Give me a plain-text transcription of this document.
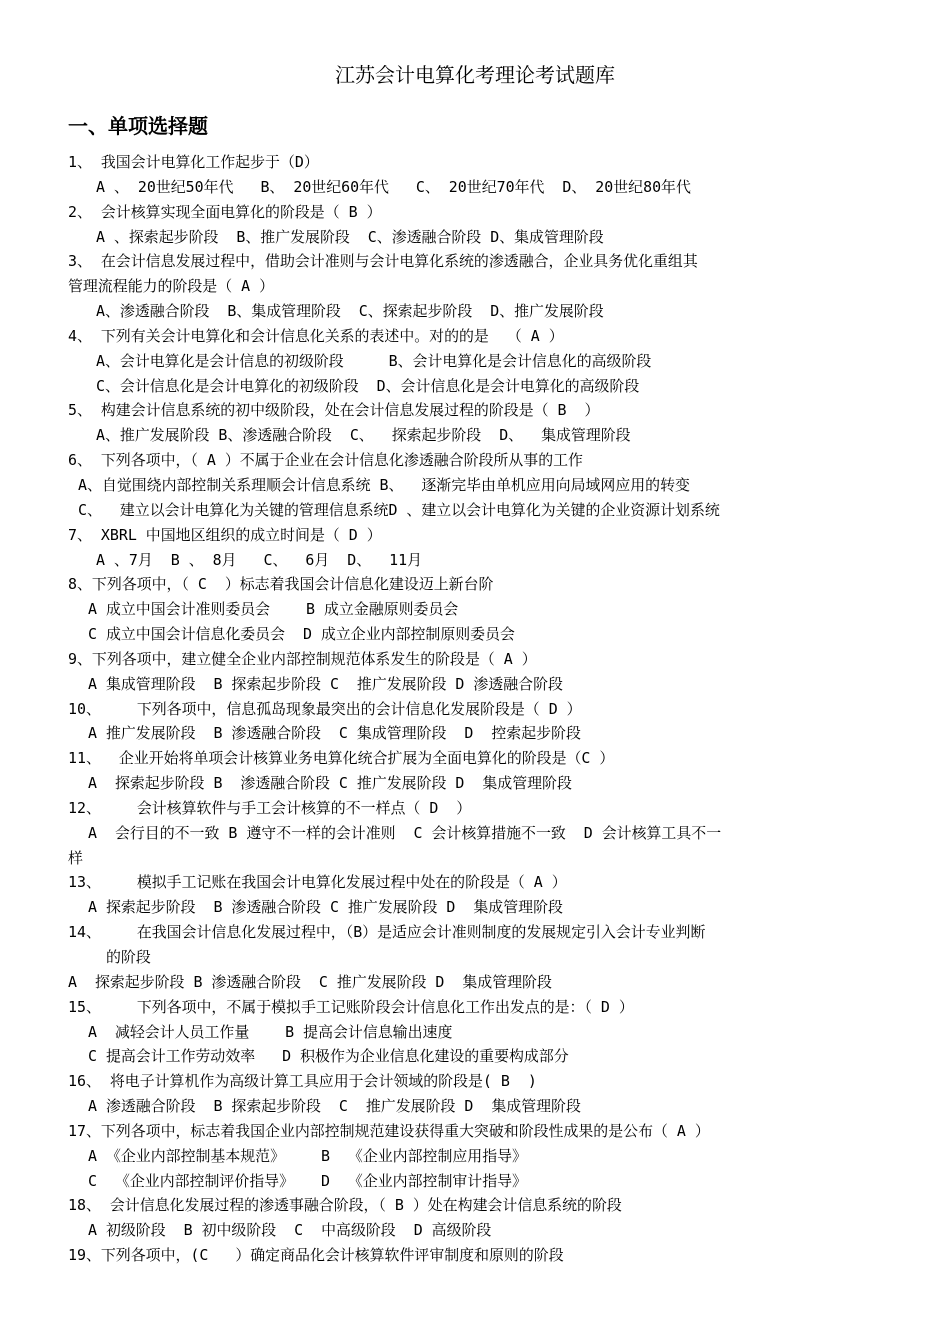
江苏会计电算化考理论考试题库
一、单项选择题
1、 我国会计电算化工作起步于（D）
A 、 20世纪50年代   B、 20世纪60年代   C、 20世纪70年代  D、 20世纪80年代
2、 会计核算实现全面电算化的阶段是（ B ）
A 、探索起步阶段  B、推广发展阶段  C、渗透融合阶段 D、集成管理阶段
3、 在会计信息发展过程中，借助会计准则与会计电算化系统的渗透融合，企业具务优化重组其
管理流程能力的阶段是（ A ）
A、渗透融合阶段  B、集成管理阶段  C、探索起步阶段  D、推广发展阶段
4、 下列有关会计电算化和会计信息化关系的表述中。对的的是  （ A ）
A、会计电算化是会计信息的初级阶段     B、会计电算化是会计信息化的高级阶段
C、会计信息化是会计电算化的初级阶段  D、会计信息化是会计电算化的高级阶段
5、 构建会计信息系统的初中级阶段，处在会计信息发展过程的阶段是（ B  ）
A、推广发展阶段 B、渗透融合阶段  C、  探索起步阶段  D、  集成管理阶段
6、 下列各项中，（ A ）不属于企业在会计信息化渗透融合阶段所从事的工作
A、自觉围绕内部控制关系理顺会计信息系统 B、  逐渐完毕由单机应用向局域网应用的转变
C、  建立以会计电算化为关键的管理信息系统D 、建立以会计电算化为关键的企业资源计划系统
7、 XBRL 中国地区组织的成立时间是（ D ）
A 、7月  B 、 8月   C、  6月  D、  11月
8、下列各项中，（ C  ）标志着我国会计信息化建设迈上新台阶
A 成立中国会计准则委员会    B 成立金融原则委员会
C 成立中国会计信息化委员会  D 成立企业内部控制原则委员会
9、下列各项中，建立健全企业内部控制规范体系发生的阶段是（ A ）
A 集成管理阶段  B 探索起步阶段 C  推广发展阶段 D 渗透融合阶段
10、    下列各项中，信息孤岛现象最突出的会计信息化发展阶段是（ D ）
A 推广发展阶段  B 渗透融合阶段  C 集成管理阶段  D  控索起步阶段
11、  企业开始将单项会计核算业务电算化统合扩展为全面电算化的阶段是（C ）
A  探索起步阶段 B  渗透融合阶段 C 推广发展阶段 D  集成管理阶段
12、    会计核算软件与手工会计核算的不一样点（ D  ）
A  会行目的不一致 B 遵守不一样的会计准则  C 会计核算措施不一致  D 会计核算工具不一
样
13、    模拟手工记账在我国会计电算化发展过程中处在的阶段是（ A ）
A 探索起步阶段  B 渗透融合阶段 C 推广发展阶段 D  集成管理阶段
14、    在我国会计信息化发展过程中，（B）是适应会计准则制度的发展规定引入会计专业判断
的阶段
A  探索起步阶段 B 渗透融合阶段  C 推广发展阶段 D  集成管理阶段
15、    下列各项中，不属于模拟手工记账阶段会计信息化工作出发点的是：（ D ）
A  减轻会计人员工作量    B 提高会计信息输出速度
C 提高会计工作劳动效率   D 积极作为企业信息化建设的重要构成部分
16、 将电子计算机作为高级计算工具应用于会计领域的阶段是( B  )
A 渗透融合阶段  B 探索起步阶段  C  推广发展阶段 D  集成管理阶段
17、下列各项中，标志着我国企业内部控制规范建设获得重大突破和阶段性成果的是公布（ A ）
A 《企业内部控制基本规范》    B  《企业内部控制应用指导》
C  《企业内部控制评价指导》   D  《企业内部控制审计指导》
18、 会计信息化发展过程的渗透事融合阶段，（ B ）处在构建会计信息系统的阶段
A 初级阶段  B 初中级阶段  C  中高级阶段  D 高级阶段
19、下列各项中，(C   ）确定商品化会计核算软件评审制度和原则的阶段
